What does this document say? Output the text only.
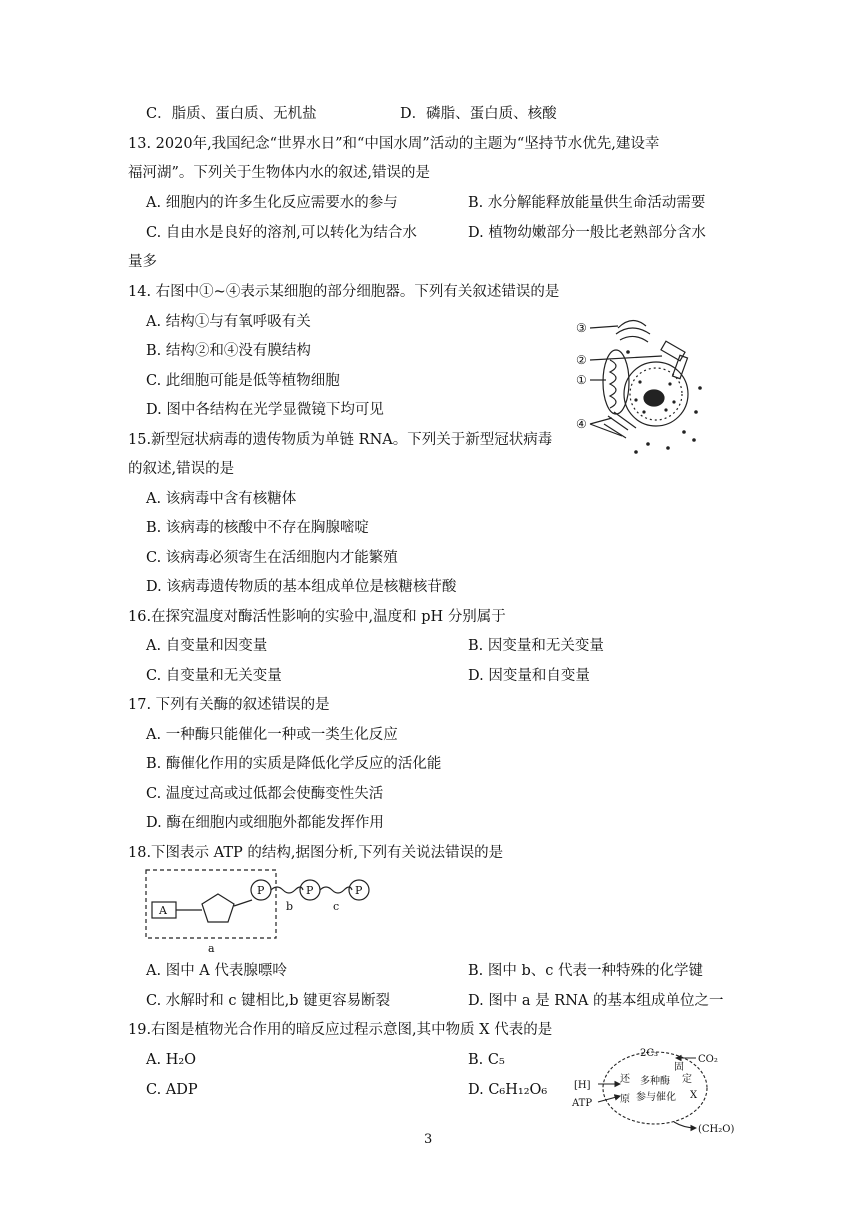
C．脂质、蛋白质、无机盐	D．磷脂、蛋白质、核酸
13. 2020年,我国纪念“世界水日”和“中国水周”活动的主题为“坚持节水优先,建设幸
福河湖”。下列关于生物体内水的叙述,错误的是
A. 细胞内的许多生化反应需要水的参与	B. 水分解能释放能量供生命活动需要
C. 自由水是良好的溶剂,可以转化为结合水	D. 植物幼嫩部分一般比老熟部分含水
量多
14. 右图中①~④表示某细胞的部分细胞器。下列有关叙述错误的是
A. 结构①与有氧呼吸有关
B. 结构②和④没有膜结构
C. 此细胞可能是低等植物细胞
D. 图中各结构在光学显微镜下均可见
③
②
①
④
15.新型冠状病毒的遗传物质为单链 RNA。下列关于新型冠状病毒
的叙述,错误的是
A. 该病毒中含有核糖体
B. 该病毒的核酸中不存在胸腺嘧啶
C. 该病毒必须寄生在活细胞内才能繁殖
D. 该病毒遗传物质的基本组成单位是核糖核苷酸
16.在探究温度对酶活性影响的实验中,温度和 pH 分别属于
A. 自变量和因变量	B. 因变量和无关变量
C. 自变量和无关变量	D. 因变量和自变量
17. 下列有关酶的叙述错误的是
A. 一种酶只能催化一种或一类生化反应
B. 酶催化作用的实质是降低化学反应的活化能
C. 温度过高或过低都会使酶变性失活
D. 酶在细胞内或细胞外都能发挥作用
18.下图表示 ATP 的结构,据图分析,下列有关说法错误的是
A
P	P	P
b	c
a
A. 图中 A 代表腺嘌呤	B. 图中 b、c 代表一种特殊的化学键
C. 水解时和 c 键相比,b 键更容易断裂	D. 图中 a 是 RNA 的基本组成单位之一
19.右图是植物光合作用的暗反应过程示意图,其中物质 X 代表的是
A. H₂O	B. C₅
C. ADP	D. C₆H₁₂O₆
2C₃
CO₂
固
定
X
[H]
ATP
还
原
多种酶
参与催化
(CH₂O)
3
